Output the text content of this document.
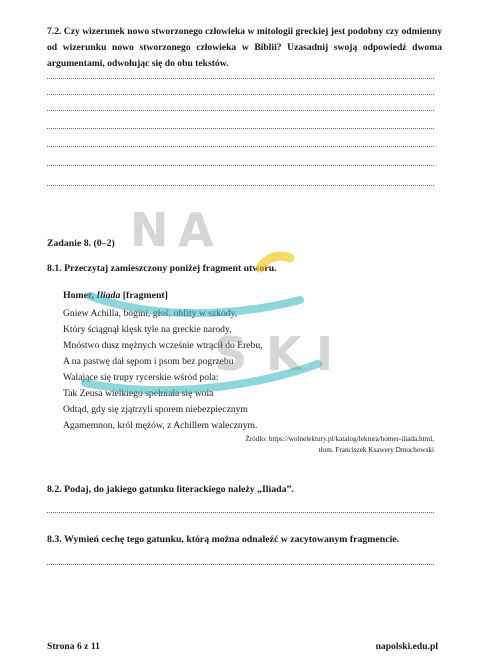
7.2. Czy wizerunek nowo stworzonego człowieka w mitologii greckiej jest podobny czy odmienny od wizerunku nowo stworzonego człowieka w Biblii? Uzasadnij swoją odpowiedź dwoma argumentami, odwołując się do obu tekstów.
Zadanie 8. (0–2)
8.1. Przeczytaj zamieszczony poniżej fragment utworu.
Homer, Iliada [fragment]
Gniew Achilla, bogini, głoś, obfity w szkody,
Który ściągnął klęsk tyle na greckie narody,
Mnóstwo dusz mężnych wcześnie wtrącił do Erebu,
A na pastwę dał sępom i psom bez pogrzebu
Walające się trupy rycerskie wśród pola:
Tak Zeusa wielkiego spełniała się wola
Odtąd, gdy się zjątrzyli sporem niebezpiecznym
Agamemnon, król mężów, z Achillem walecznym.
Źródło: https://wolnelektury.pl/katalog/lektura/homer-iliada.html,
tłum. Franciszek Ksawery Dmochowski
8.2. Podaj, do jakiego gatunku literackiego należy „Iliada”.
8.3. Wymień cechę tego gatunku, którą można odnaleźć w zacytowanym fragmencie.
Strona 6 z 11	napolski.edu.pl
N A
S K I
